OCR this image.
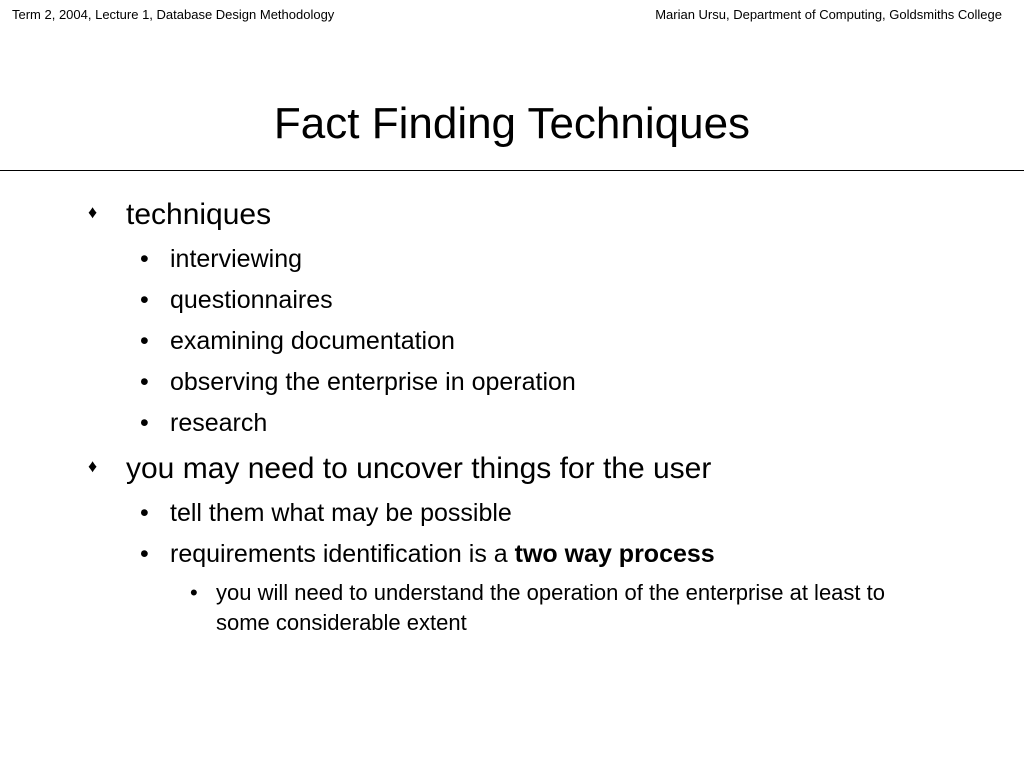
Term 2, 2004, Lecture 1, Database Design Methodology	Marian Ursu, Department of Computing, Goldsmiths College
Fact Finding Techniques
♦ techniques
• interviewing
• questionnaires
• examining documentation
• observing the enterprise in operation
• research
♦ you may need to uncover things for the user
• tell them what may be possible
• requirements identification is a two way process
• you will need to understand the operation of the enterprise at least to some considerable extent
